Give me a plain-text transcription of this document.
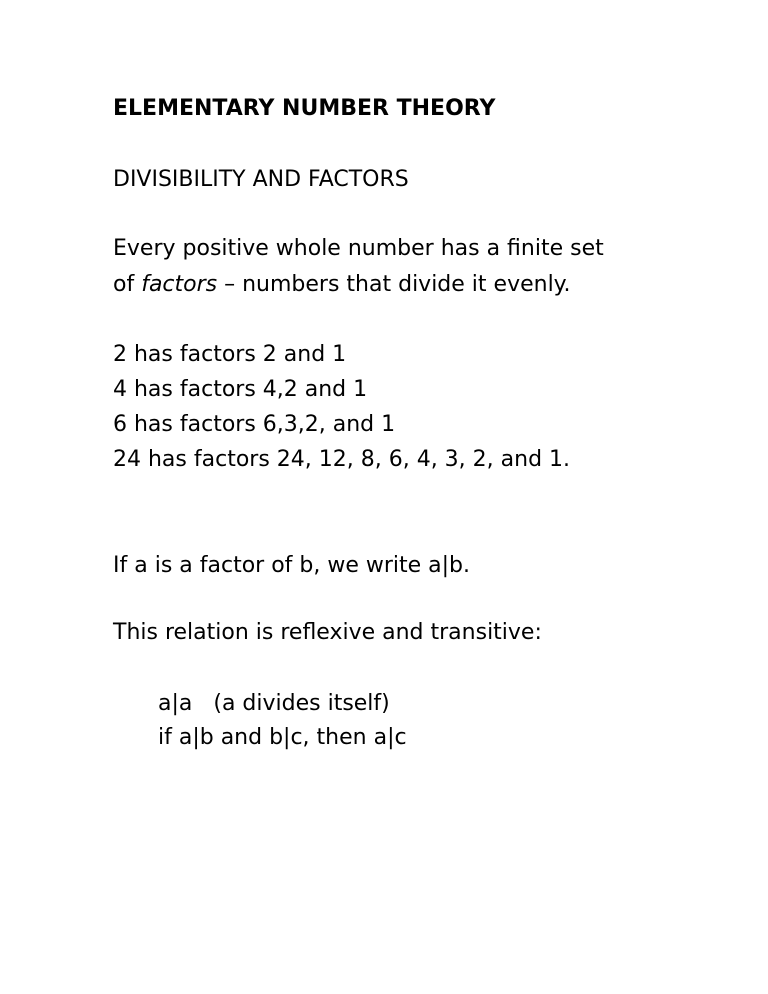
ELEMENTARY NUMBER THEORY
DIVISIBILITY AND FACTORS
Every positive whole number has a finite set
of factors – numbers that divide it evenly.
2 has factors 2 and 1
4 has factors 4,2 and 1
6 has factors 6,3,2, and 1
24 has factors 24, 12, 8, 6, 4, 3, 2, and 1.
If a is a factor of b, we write a|b.
This relation is reflexive and transitive:
a|a   (a divides itself)
if a|b and b|c, then a|c
